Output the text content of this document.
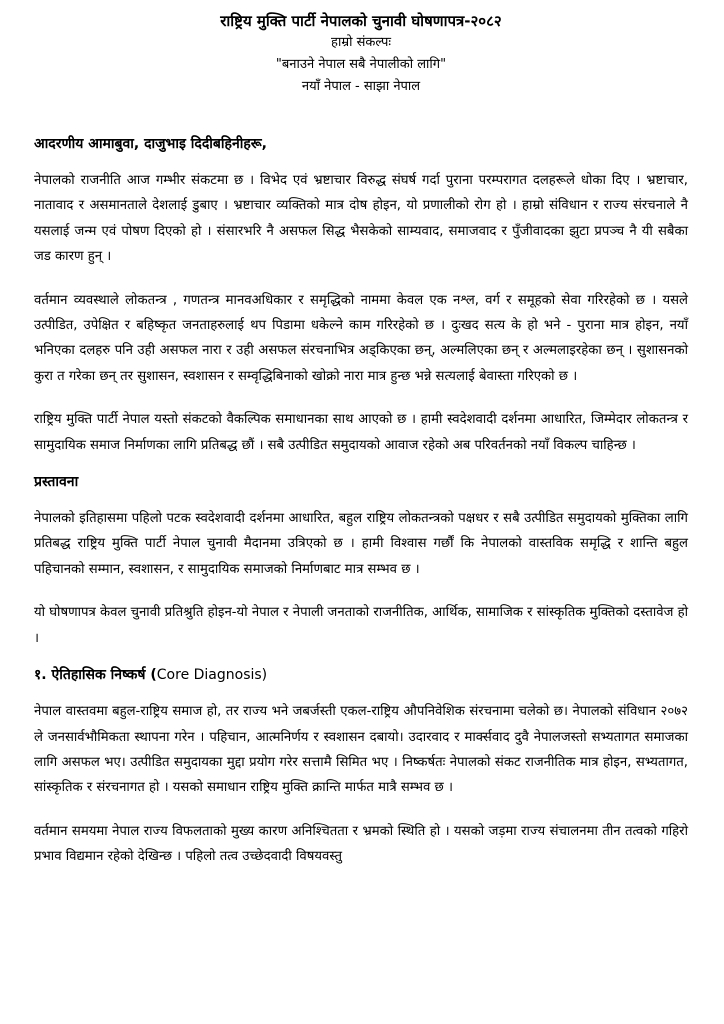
राष्ट्रिय मुक्ति पार्टी नेपालको चुनावी घोषणापत्र-२०८२
हाम्रो संकल्पः
"बनाउने नेपाल सबै नेपालीको लागि"
नयाँ नेपाल - साझा नेपाल
आदरणीय आमाबुवा, दाजुभाइ दिदीबहिनीहरू,

नेपालको राजनीति आज गम्भीर संकटमा छ । विभेद एवं भ्रष्टाचार विरुद्ध संघर्ष गर्दा पुराना परम्परागत दलहरूले धोका दिए । भ्रष्टाचार, नातावाद र असमानताले देशलाई डुबाए । भ्रष्टाचार व्यक्तिको मात्र दोष होइन, यो प्रणालीको रोग हो । हाम्रो संविधान र राज्य संरचनाले नै यसलाई जन्म एवं पोषण दिएको हो । संसारभरि नै असफल सिद्ध भैसकेको साम्यवाद, समाजवाद र पुँजीवादका झुटा प्रपञ्च नै यी सबैका जड कारण हुन् ।

वर्तमान व्यवस्थाले लोकतन्त्र , गणतन्त्र मानवअधिकार र समृद्धिको नाममा केवल एक नश्ल, वर्ग र समूहको सेवा गरिरहेको छ । यसले उत्पीडित, उपेक्षित र बहिष्कृत जनताहरुलाई थप पिडामा धकेल्ने काम गरिरहेको छ । दुःखद सत्य के हो भने - पुराना मात्र होइन, नयाँ भनिएका दलहरु पनि उही असफल नारा र उही असफल संरचनाभित्र अड्किएका छन्, अल्मलिएका छन् र अल्मलाइरहेका छन् । सुशासनको कुरा त गरेका छन् तर सुशासन, स्वशासन र सम्वृद्धिबिनाको खोक्रो नारा मात्र हुन्छ भन्ने सत्यलाई बेवास्ता गरिएको छ ।

राष्ट्रिय मुक्ति पार्टी नेपाल यस्तो संकटको वैकल्पिक समाधानका साथ आएको छ । हामी स्वदेशवादी दर्शनमा आधारित, जिम्मेदार लोकतन्त्र र सामुदायिक समाज निर्माणका लागि प्रतिबद्ध छौं । सबै उत्पीडित समुदायको आवाज रहेको अब परिवर्तनको नयाँ विकल्प चाहिन्छ ।

प्रस्तावना

नेपालको इतिहासमा पहिलो पटक स्वदेशवादी दर्शनमा आधारित, बहुल राष्ट्रिय लोकतन्त्रको पक्षधर र सबै उत्पीडित समुदायको मुक्तिका लागि प्रतिबद्ध राष्ट्रिय मुक्ति पार्टी नेपाल चुनावी मैदानमा उत्रिएको छ । हामी विश्वास गर्छौं कि नेपालको वास्तविक समृद्धि र शान्ति बहुल पहिचानको सम्मान, स्वशासन, र सामुदायिक समाजको निर्माणबाट मात्र सम्भव छ ।

यो घोषणापत्र केवल चुनावी प्रतिश्रुति होइन-यो नेपाल र नेपाली जनताको राजनीतिक, आर्थिक, सामाजिक र सांस्कृतिक मुक्तिको दस्तावेज हो ।

१. ऐतिहासिक निष्कर्ष (Core Diagnosis)

नेपाल वास्तवमा बहुल-राष्ट्रिय समाज हो, तर राज्य भने जबर्जस्ती एकल-राष्ट्रिय औपनिवेशिक संरचनामा चलेको छ। नेपालको संविधान २०७२ ले जनसार्वभौमिकता स्थापना गरेन । पहिचान, आत्मनिर्णय र स्वशासन दबायो। उदारवाद र मार्क्सवाद दुवै नेपालजस्तो सभ्यतागत समाजका लागि असफल भए। उत्पीडित समुदायका मुद्दा प्रयोग गरेर सत्तामै सिमित भए । निष्कर्षतः नेपालको संकट राजनीतिक मात्र होइन, सभ्यतागत, सांस्कृतिक र संरचनागत हो । यसको समाधान राष्ट्रिय मुक्ति क्रान्ति मार्फत मात्रै सम्भव छ ।

वर्तमान समयमा नेपाल राज्य विफलताको मुख्य कारण अनिश्चितता र भ्रमको स्थिति हो । यसको जड़मा राज्य संचालनमा तीन तत्वको गहिरो प्रभाव विद्यमान रहेको देखिन्छ । पहिलो तत्व उच्छेदवादी विषयवस्तु
